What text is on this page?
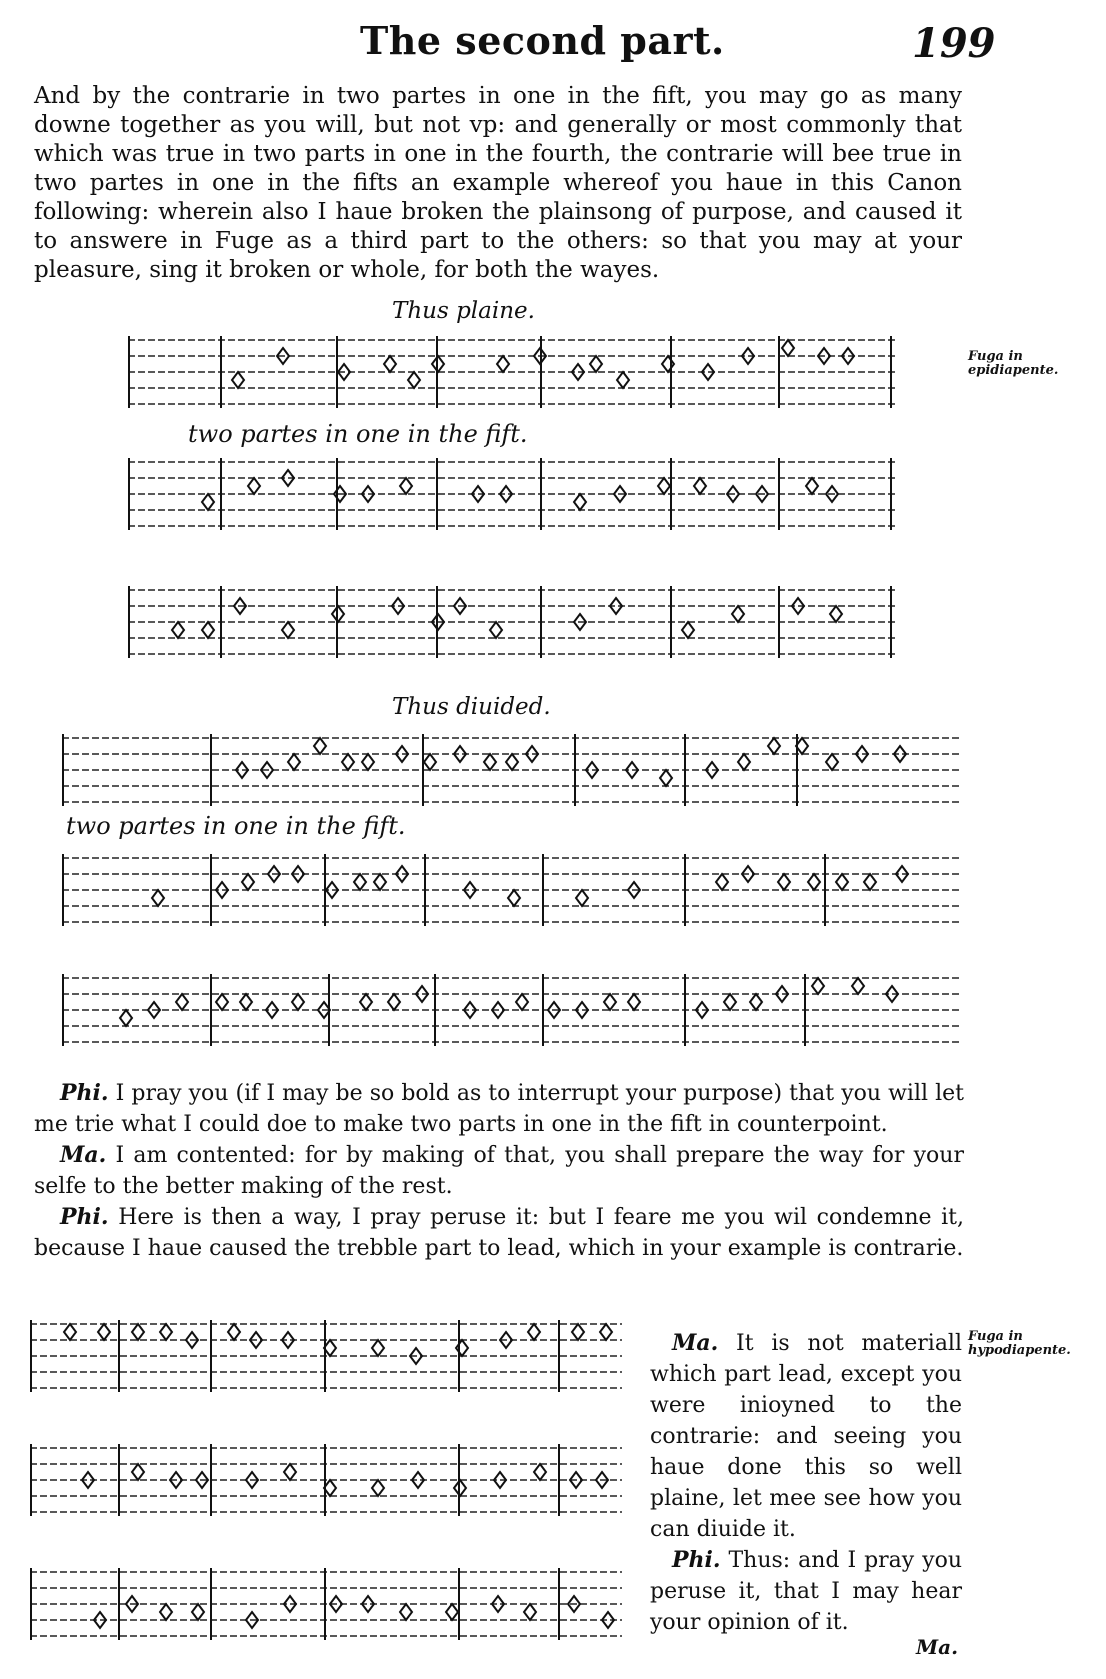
The second part.	199
And by the contrarie in two partes in one in the fift, you may go as many downe together as you will, but not vp: and generally or most commonly that which was true in two parts in one in the fourth, the contrarie will bee true in two partes in one in the fifts an example whereof you haue in this Canon following: wherein also I haue broken the plainsong of purpose, and caused it to answere in Fuge as a third part to the others: so that you may at your pleasure, sing it broken or whole, for both the wayes.
Thus plaine.
two partes in one in the fift.
Fuga in epidiapente.
Thus diuided.
two partes in one in the fift.

Phi. I pray you (if I may be so bold as to interrupt your purpose) that you will let me trie what I could doe to make two parts in one in the fift in counterpoint.

Ma. I am contented: for by making of that, you shall prepare the way for your selfe to the better making of the rest.

Phi. Here is then a way, I pray peruse it: but I feare me you wil condemne it, because I haue caused the trebble part to lead, which in your example is contrarie.

Fuga in hypodiapente.

Ma. It is not materiall which part lead, except you were inioyned to the contrarie: and seeing you haue done this so well plaine, let mee see how you can diuide it.

Phi. Thus: and I pray you peruse it, that I may hear your opinion of it.

Ma.
